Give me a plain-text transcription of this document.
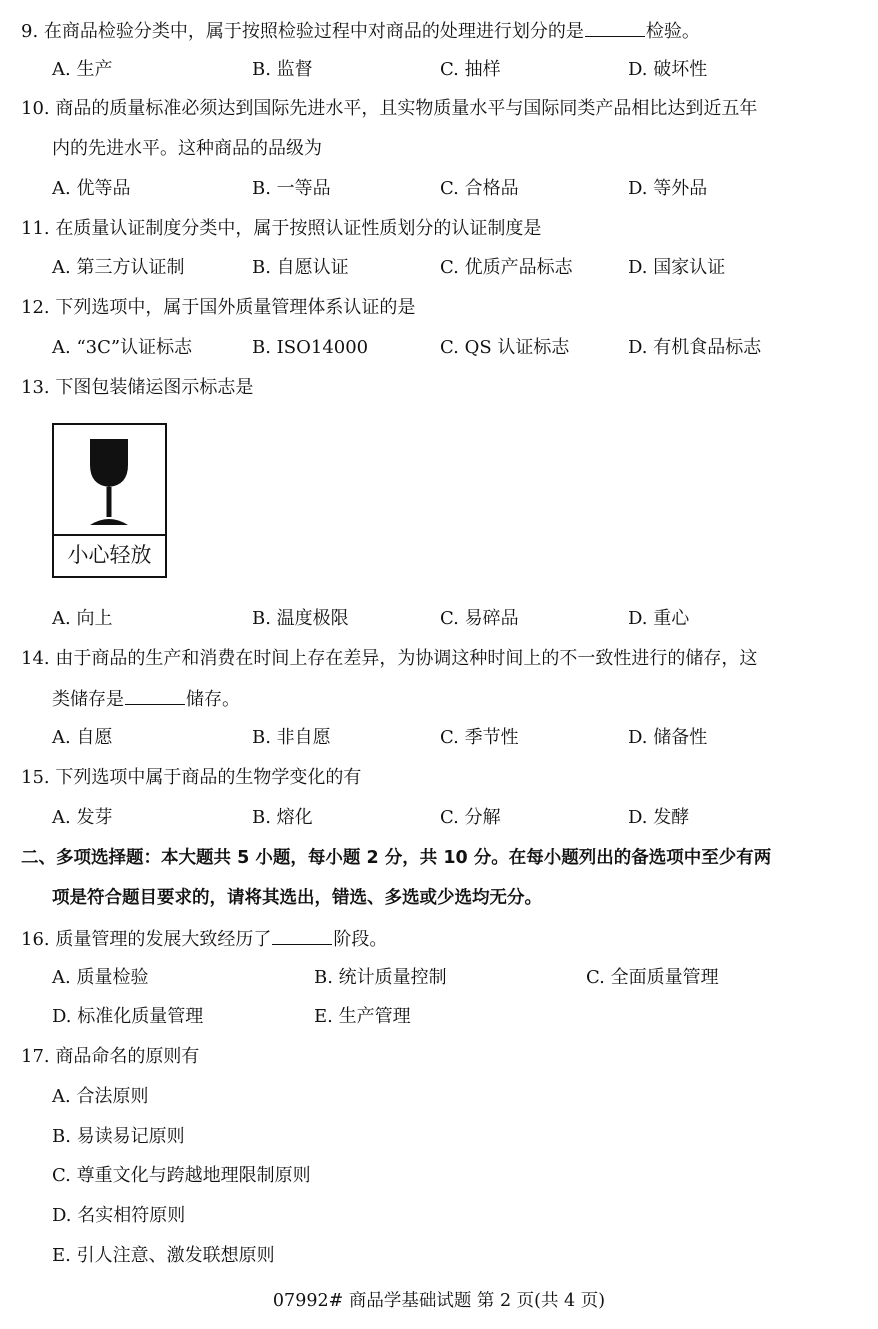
9. 在商品检验分类中，属于按照检验过程中对商品的处理进行划分的是	检验。
A. 生产	B. 监督	C. 抽样	D. 破坏性
10. 商品的质量标准必须达到国际先进水平，且实物质量水平与国际同类产品相比达到近五年
内的先进水平。这种商品的品级为
A. 优等品	B. 一等品	C. 合格品	D. 等外品
11. 在质量认证制度分类中，属于按照认证性质划分的认证制度是
A. 第三方认证制	B. 自愿认证	C. 优质产品标志	D. 国家认证
12. 下列选项中，属于国外质量管理体系认证的是
A. “3C”认证标志	B. ISO14000	C. QS 认证标志	D. 有机食品标志
13. 下图包装储运图示标志是
小心轻放
A. 向上	B. 温度极限	C. 易碎品	D. 重心
14. 由于商品的生产和消费在时间上存在差异，为协调这种时间上的不一致性进行的储存，这
类储存是	储存。
A. 自愿	B. 非自愿	C. 季节性	D. 储备性
15. 下列选项中属于商品的生物学变化的有
A. 发芽	B. 熔化	C. 分解	D. 发酵
二、多项选择题：本大题共 5 小题，每小题 2 分，共 10 分。在每小题列出的备选项中至少有两
项是符合题目要求的，请将其选出，错选、多选或少选均无分。
16. 质量管理的发展大致经历了	阶段。
A. 质量检验	B. 统计质量控制	C. 全面质量管理
D. 标准化质量管理	E. 生产管理
17. 商品命名的原则有
A. 合法原则
B. 易读易记原则
C. 尊重文化与跨越地理限制原则
D. 名实相符原则
E. 引人注意、激发联想原则
07992# 商品学基础试题 第 2 页(共 4 页)
